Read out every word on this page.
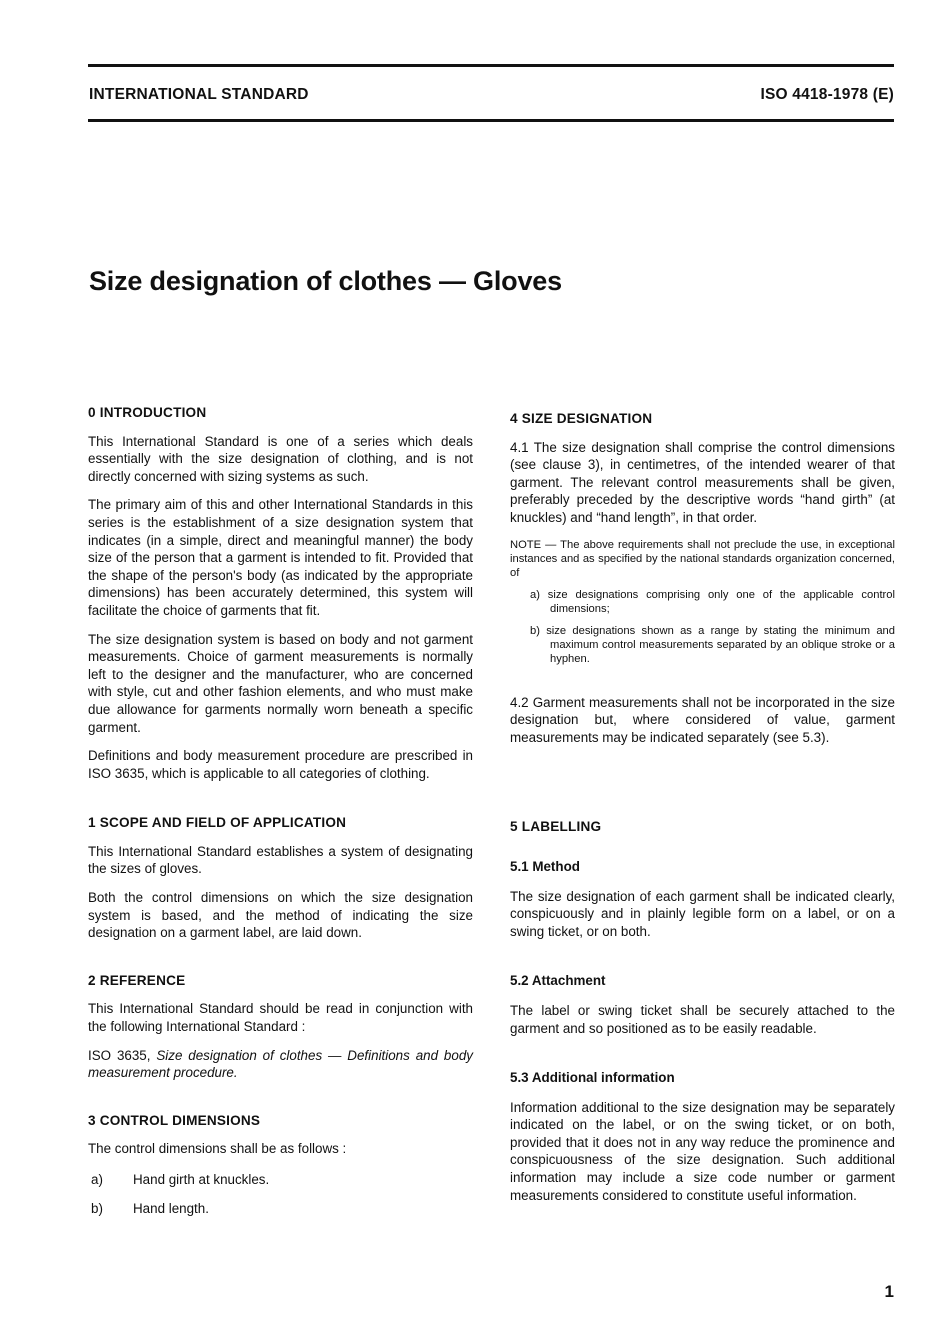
INTERNATIONAL STANDARD	ISO 4418-1978 (E)
Size designation of clothes — Gloves
0 INTRODUCTION

This International Standard is one of a series which deals essentially with the size designation of clothing, and is not directly concerned with sizing systems as such.

The primary aim of this and other International Standards in this series is the establishment of a size designation system that indicates (in a simple, direct and meaningful manner) the body size of the person that a garment is intended to fit. Provided that the shape of the person's body (as indicated by the appropriate dimensions) has been accurately determined, this system will facilitate the choice of garments that fit.

The size designation system is based on body and not garment measurements. Choice of garment measurements is normally left to the designer and the manufacturer, who are concerned with style, cut and other fashion elements, and who must make due allowance for garments normally worn beneath a specific garment.

Definitions and body measurement procedure are prescribed in ISO 3635, which is applicable to all categories of clothing.

1 SCOPE AND FIELD OF APPLICATION

This International Standard establishes a system of designating the sizes of gloves.

Both the control dimensions on which the size designation system is based, and the method of indicating the size designation on a garment label, are laid down.

2 REFERENCE

This International Standard should be read in conjunction with the following International Standard :

ISO 3635, Size designation of clothes — Definitions and body measurement procedure.

3 CONTROL DIMENSIONS

The control dimensions shall be as follows :

a)	Hand girth at knuckles.
b)	Hand length.
4 SIZE DESIGNATION

4.1 The size designation shall comprise the control dimensions (see clause 3), in centimetres, of the intended wearer of that garment. The relevant control measurements shall be given, preferably preceded by the descriptive words “hand girth” (at knuckles) and “hand length”, in that order.

NOTE — The above requirements shall not preclude the use, in exceptional instances and as specified by the national standards organization concerned, of

a) size designations comprising only one of the applicable control dimensions;

b) size designations shown as a range by stating the minimum and maximum control measurements separated by an oblique stroke or a hyphen.

4.2 Garment measurements shall not be incorporated in the size designation but, where considered of value, garment measurements may be indicated separately (see 5.3).

5 LABELLING
5.1 Method

The size designation of each garment shall be indicated clearly, conspicuously and in plainly legible form on a label, or on a swing ticket, or on both.

5.2 Attachment

The label or swing ticket shall be securely attached to the garment and so positioned as to be easily readable.

5.3 Additional information

Information additional to the size designation may be separately indicated on the label, or on the swing ticket, or on both, provided that it does not in any way reduce the prominence and conspicuousness of the size designation. Such additional information may include a size code number or garment measurements considered to constitute useful information.

1
